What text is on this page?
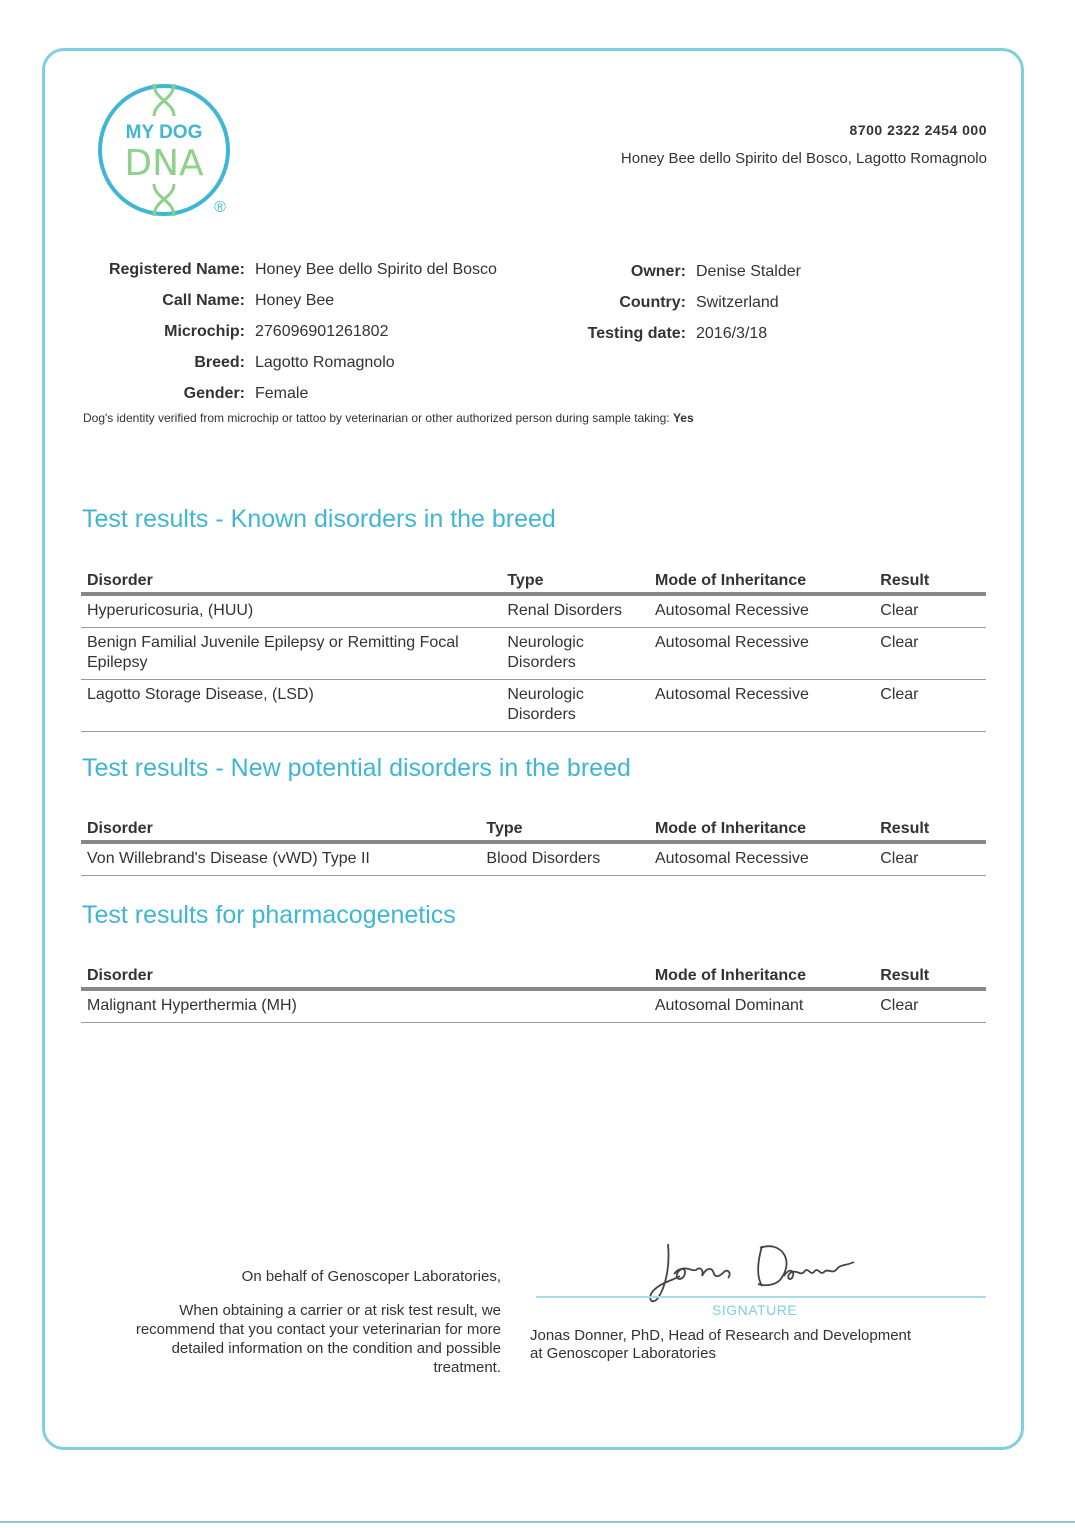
MY DOG
DNA
®
8700 2322 2454 000
Honey Bee dello Spirito del Bosco, Lagotto Romagnolo
Registered Name: Honey Bee dello Spirito del Bosco
Call Name: Honey Bee
Microchip: 276096901261802
Breed: Lagotto Romagnolo
Gender: Female
Owner: Denise Stalder
Country: Switzerland
Testing date: 2016/3/18
Dog's identity verified from microchip or tattoo by veterinarian or other authorized person during sample taking: Yes
Test results - Known disorders in the breed
Disorder	Type	Mode of Inheritance	Result
Hyperuricosuria, (HUU)	Renal Disorders	Autosomal Recessive	Clear
Benign Familial Juvenile Epilepsy or Remitting Focal Epilepsy	Neurologic Disorders	Autosomal Recessive	Clear
Lagotto Storage Disease, (LSD)	Neurologic Disorders	Autosomal Recessive	Clear
Test results - New potential disorders in the breed
Disorder	Type	Mode of Inheritance	Result
Von Willebrand's Disease (vWD) Type II	Blood Disorders	Autosomal Recessive	Clear
Test results for pharmacogenetics
Disorder		Mode of Inheritance	Result
Malignant Hyperthermia (MH)		Autosomal Dominant	Clear
On behalf of Genoscoper Laboratories,
When obtaining a carrier or at risk test result, we recommend that you contact your veterinarian for more detailed information on the condition and possible treatment.
SIGNATURE
Jonas Donner, PhD, Head of Research and Development
at Genoscoper Laboratories
